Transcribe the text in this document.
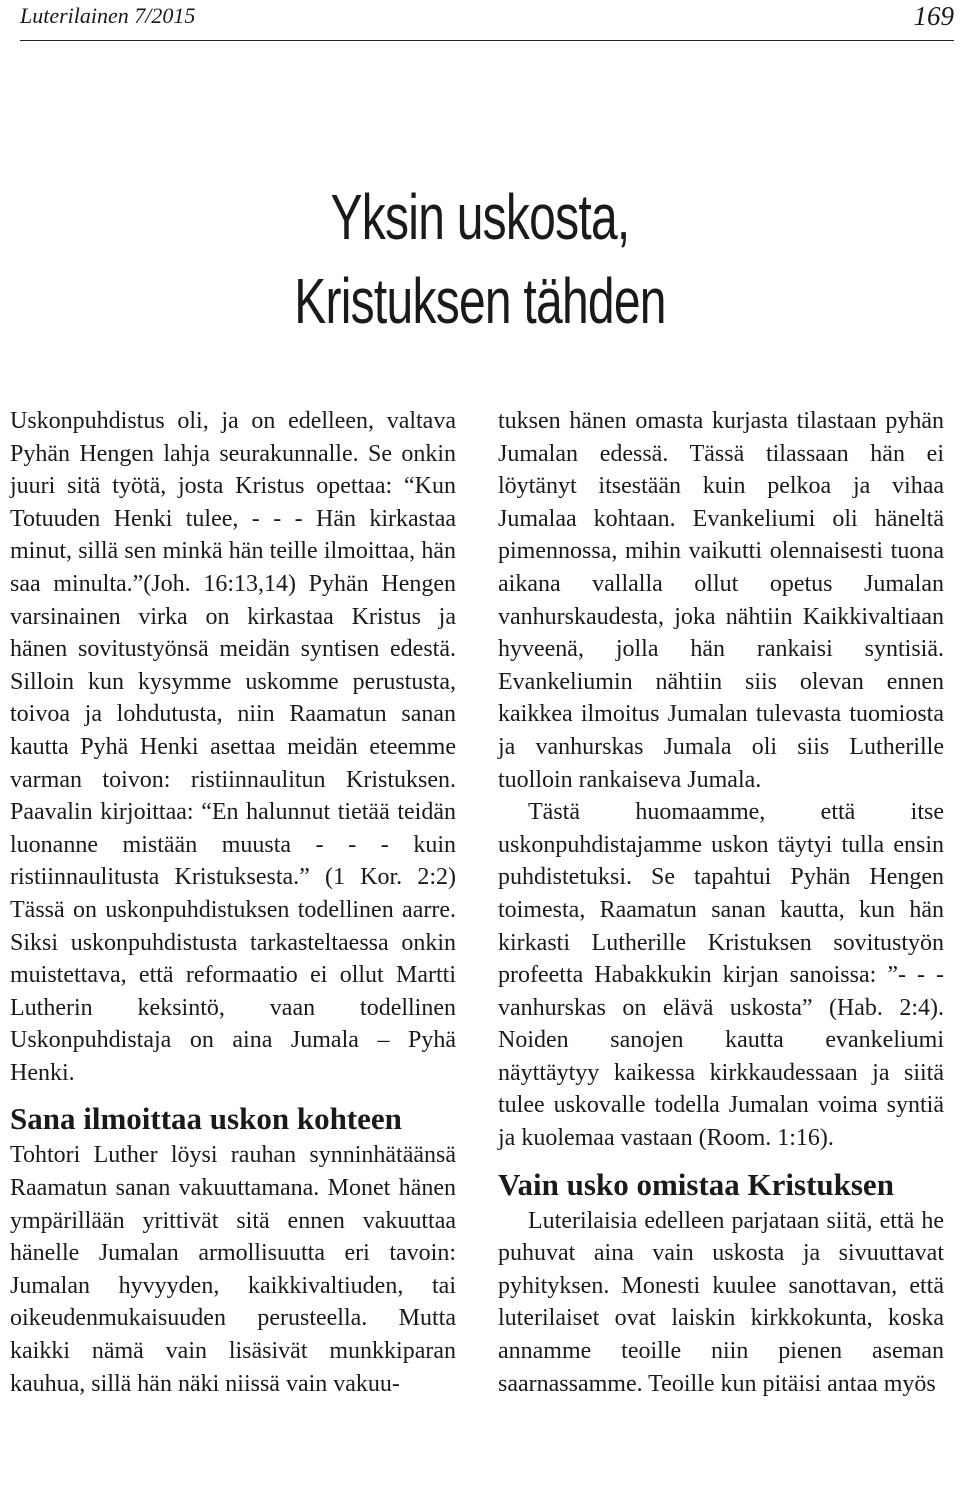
Luterilainen 7/2015	169
Yksin uskosta,
Kristuksen tähden

Uskonpuhdistus oli, ja on edelleen, valtava Pyhän Hengen lahja seurakunnalle. Se onkin juuri sitä työtä, josta Kristus opettaa: “Kun Totuuden Henki tulee, - - - Hän kirkastaa minut, sillä sen minkä hän teille ilmoittaa, hän saa minulta.”(Joh. 16:13,14) Pyhän Hengen varsinainen virka on kirkastaa Kristus ja hänen sovitustyönsä meidän syntisen edestä. Silloin kun kysymme uskomme perustusta, toivoa ja lohdutusta, niin Raamatun sanan kautta Pyhä Henki asettaa meidän eteemme varman toivon: ristiinnaulitun Kristuksen. Paavalin kirjoittaa: “En halunnut tietää teidän luonanne mistään muusta - - - kuin ristiinnaulitusta Kristuksesta.” (1 Kor. 2:2) Tässä on uskonpuhdistuksen todellinen aarre. Siksi uskonpuhdistusta tarkasteltaessa onkin muistettava, että reformaatio ei ollut Martti Lutherin keksintö, vaan todellinen Uskonpuhdistaja on aina Jumala – Pyhä Henki.

Sana ilmoittaa uskon kohteen

Tohtori Luther löysi rauhan synninhätäänsä Raamatun sanan vakuuttamana. Monet hänen ympärillään yrittivät sitä ennen vakuuttaa hänelle Jumalan armollisuutta eri tavoin: Jumalan hyvyyden, kaikkivaltiuden, tai oikeudenmukaisuuden perusteella. Mutta kaikki nämä vain lisäsivät munkkiparan kauhua, sillä hän näki niissä vain vakuu-

tuksen hänen omasta kurjasta tilastaan pyhän Jumalan edessä. Tässä tilassaan hän ei löytänyt itsestään kuin pelkoa ja vihaa Jumalaa kohtaan. Evankeliumi oli häneltä pimennossa, mihin vaikutti olennaisesti tuona aikana vallalla ollut opetus Jumalan vanhurskaudesta, joka nähtiin Kaikkivaltiaan hyveenä, jolla hän rankaisi syntisiä. Evankeliumin nähtiin siis olevan ennen kaikkea ilmoitus Jumalan tulevasta tuomiosta ja vanhurskas Jumala oli siis Lutherille tuolloin rankaiseva Jumala.

Tästä huomaamme, että itse uskonpuhdistajamme uskon täytyi tulla ensin puhdistetuksi. Se tapahtui Pyhän Hengen toimesta, Raamatun sanan kautta, kun hän kirkasti Lutherille Kristuksen sovitustyön profeetta Habakkukin kirjan sanoissa: ”- - - vanhurskas on elävä uskosta” (Hab. 2:4). Noiden sanojen kautta evankeliumi näyttäytyy kaikessa kirkkaudessaan ja siitä tulee uskovalle todella Jumalan voima syntiä ja kuolemaa vastaan (Room. 1:16).

Vain usko omistaa Kristuksen

Luterilaisia edelleen parjataan siitä, että he puhuvat aina vain uskosta ja sivuuttavat pyhityksen. Monesti kuulee sanottavan, että luterilaiset ovat laiskin kirkkokunta, koska annamme teoille niin pienen aseman saarnassamme. Teoille kun pitäisi antaa myös
